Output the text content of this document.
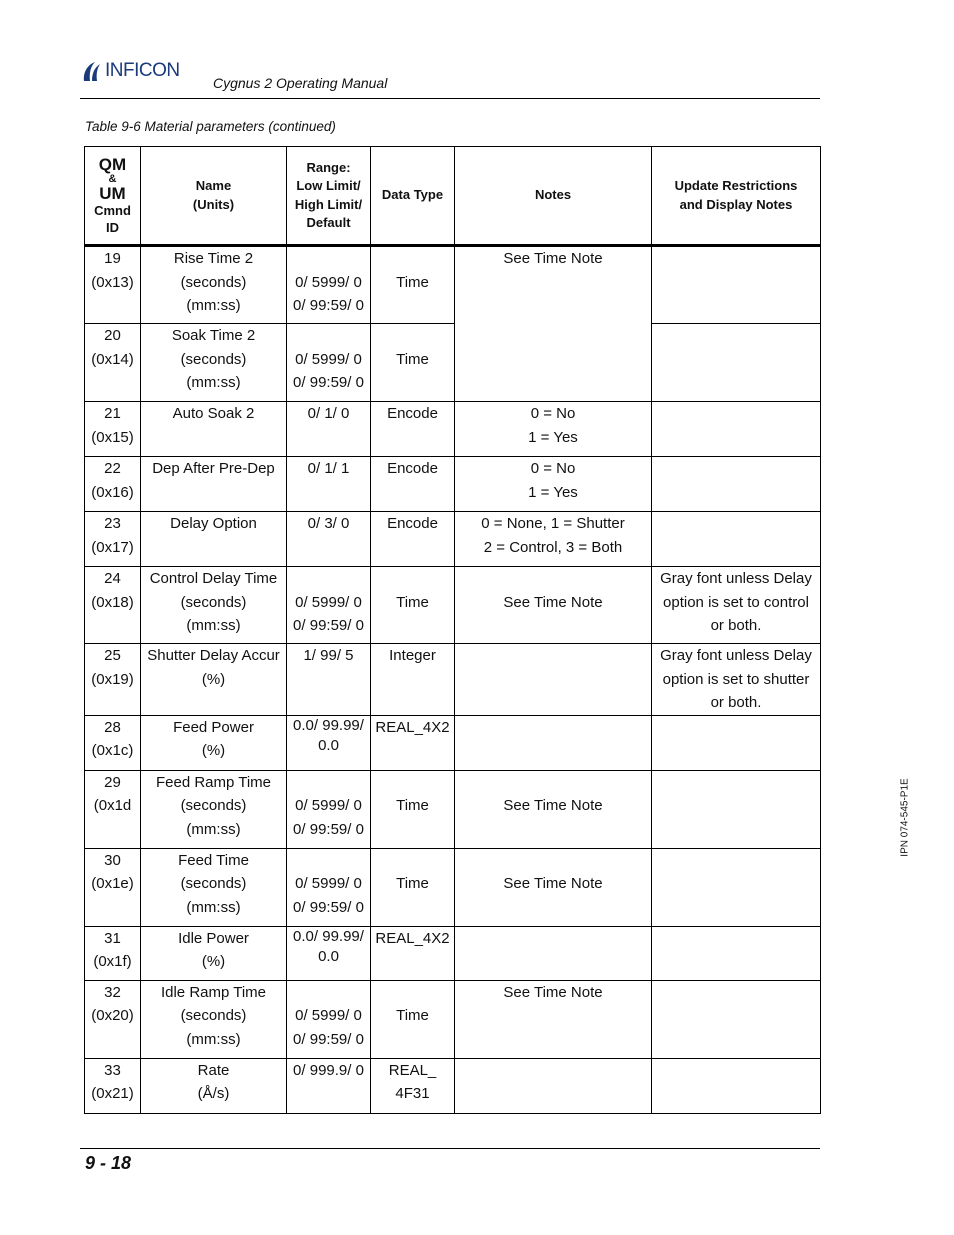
INFICON
Cygnus 2 Operating Manual
Table 9-6 Material parameters (continued)
QM
&
UM
Cmnd
ID	Name
(Units)	Range:
Low Limit/
High Limit/
Default	Data Type	Notes	Update Restrictions
and Display Notes

19
(0x13)	Rise Time 2
(seconds)
(mm:ss)	0/ 5999/ 0
0/ 99:59/ 0	Time	See Time Note	

20
(0x14)	Soak Time 2
(seconds)
(mm:ss)	0/ 5999/ 0
0/ 99:59/ 0	Time		

21
(0x15)	Auto Soak 2	0/ 1/ 0	Encode	0 = No
1 = Yes	

22
(0x16)	Dep After Pre-Dep	0/ 1/ 1	Encode	0 = No
1 = Yes	

23
(0x17)	Delay Option	0/ 3/ 0	Encode	0 = None, 1 = Shutter
2 = Control, 3 = Both	

24
(0x18)	Control Delay Time
(seconds)
(mm:ss)	0/ 5999/ 0
0/ 99:59/ 0	Time	See Time Note	Gray font unless Delay
option is set to control
or both.

25
(0x19)	Shutter Delay Accur
(%)	1/ 99/ 5	Integer		Gray font unless Delay
option is set to shutter
or both.

28
(0x1c)	Feed Power
(%)	0.0/ 99.99/
0.0	REAL_4X2		

29
(0x1d	Feed Ramp Time
(seconds)
(mm:ss)	0/ 5999/ 0
0/ 99:59/ 0	Time	See Time Note	

30
(0x1e)	Feed Time
(seconds)
(mm:ss)	0/ 5999/ 0
0/ 99:59/ 0	Time	See Time Note	

31
(0x1f)	Idle Power
(%)	0.0/ 99.99/
0.0	REAL_4X2		

32
(0x20)	Idle Ramp Time
(seconds)
(mm:ss)	0/ 5999/ 0
0/ 99:59/ 0	Time	See Time Note	

33
(0x21)	Rate
(Å/s)	0/ 999.9/ 0	REAL_
4F31		

IPN 074-545-P1E
9 - 18
